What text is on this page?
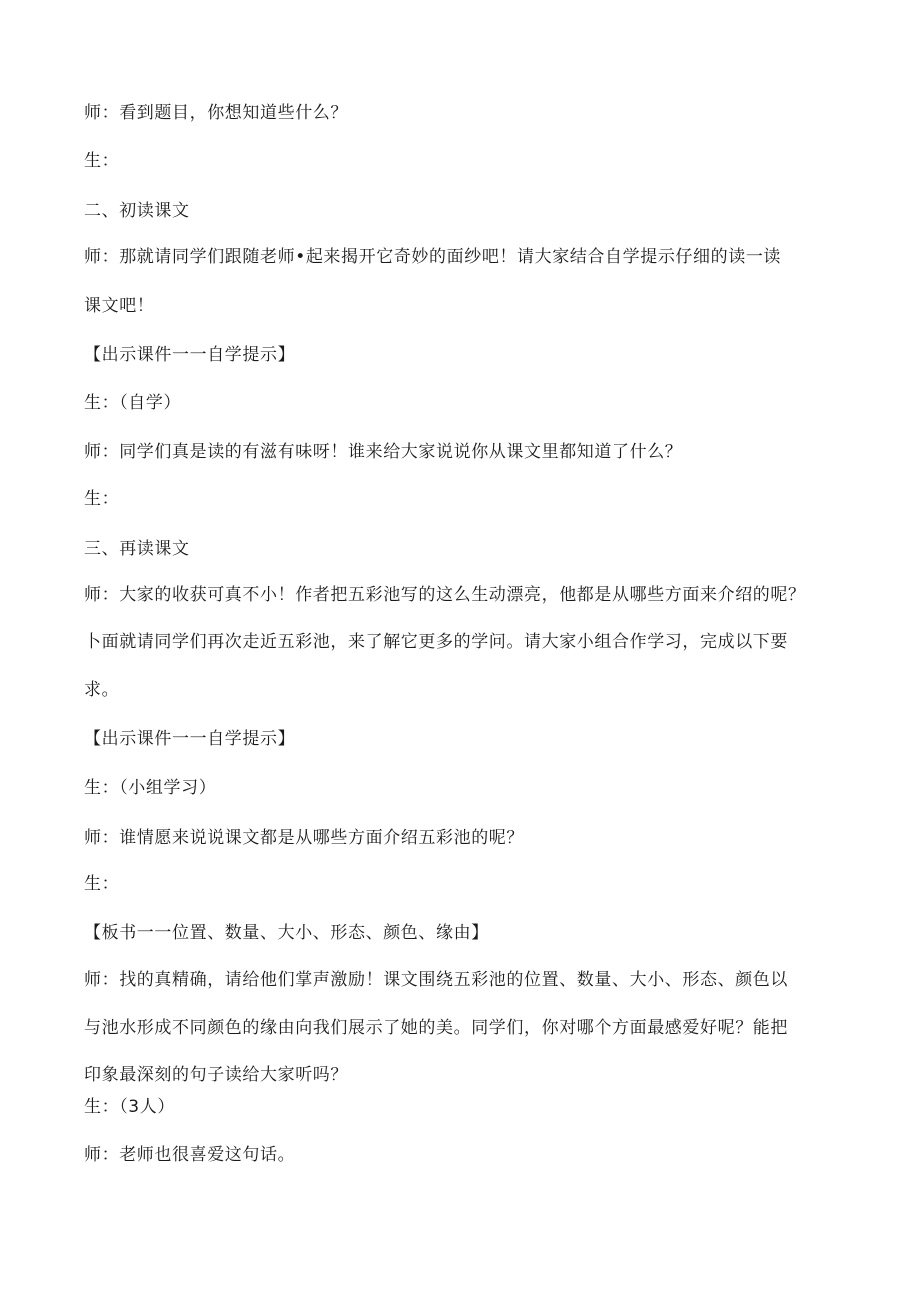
师：看到题目，你想知道些什么？
生：
二、初读课文
师：那就请同学们跟随老师•起来揭开它奇妙的面纱吧！请大家结合自学提示仔细的读一读
课文吧！
【出示课件一一自学提示】
生：（自学）
师：同学们真是读的有滋有味呀！谁来给大家说说你从课文里都知道了什么？
生：
三、再读课文
师：大家的收获可真不小！作者把五彩池写的这么生动漂亮，他都是从哪些方面来介绍的呢？
卜面就请同学们再次走近五彩池，来了解它更多的学问。请大家小组合作学习，完成以下要
求。
【出示课件一一自学提示】
生：（小组学习）
师：谁情愿来说说课文都是从哪些方面介绍五彩池的呢？
生：
【板书一一位置、数量、大小、形态、颜色、缘由】
师：找的真精确，请给他们掌声激励！课文围绕五彩池的位置、数量、大小、形态、颜色以
与池水形成不同颜色的缘由向我们展示了她的美。同学们，你对哪个方面最感爱好呢？能把
印象最深刻的句子读给大家听吗？
生：（3人）
师：老师也很喜爱这句话。
